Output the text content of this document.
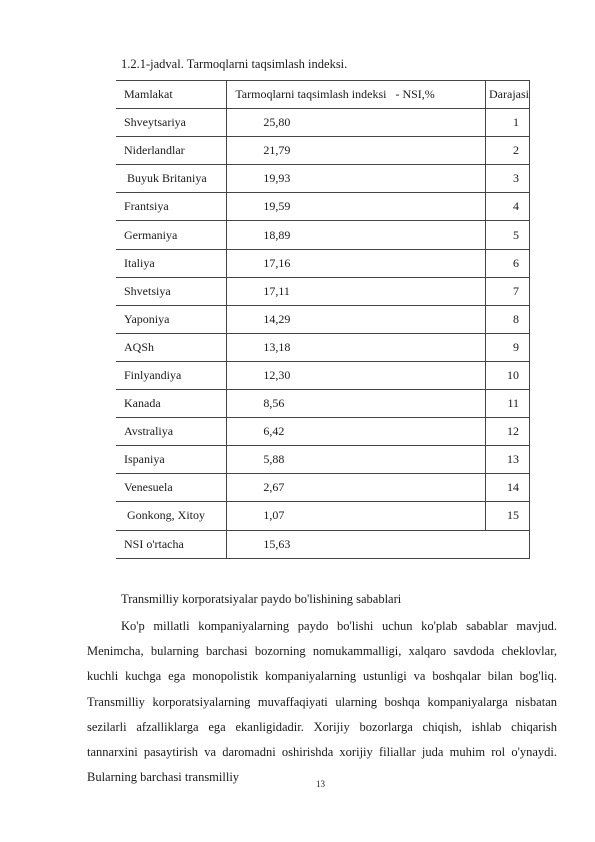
1.2.1-jadval. Tarmoqlarni taqsimlash indeksi.
Mamlakat	Tarmoqlarni taqsimlash indeksi   - NSI,%	Darajasi
Shveytsariya	25,80	1
Niderlandlar	21,79	2
Buyuk Britaniya	19,93	3
Frantsiya	19,59	4
Germaniya	18,89	5
Italiya	17,16	6
Shvetsiya	17,11	7
Yaponiya	14,29	8
AQSh	13,18	9
Finlyandiya	12,30	10
Kanada	8,56	11
Avstraliya	6,42	12
Ispaniya	5,88	13
Venesuela	2,67	14
Gonkong, Xitoy	1,07	15
NSI o'rtacha	15,63	
Transmilliy korporatsiyalar paydo bo'lishining sabablari

Ko'p millatli kompaniyalarning paydo bo'lishi uchun ko'plab sabablar mavjud. Menimcha, bularning barchasi bozorning nomukammalligi, xalqaro savdoda cheklovlar, kuchli kuchga ega monopolistik kompaniyalarning ustunligi va boshqalar bilan bog'liq. Transmilliy korporatsiyalarning muvaffaqiyati ularning boshqa kompaniyalarga nisbatan sezilarli afzalliklarga ega ekanligidadir. Xorijiy bozorlarga chiqish, ishlab chiqarish tannarxini pasaytirish va daromadni oshirishda xorijiy filiallar juda muhim rol o'ynaydi. Bularning barchasi transmilliy	13
